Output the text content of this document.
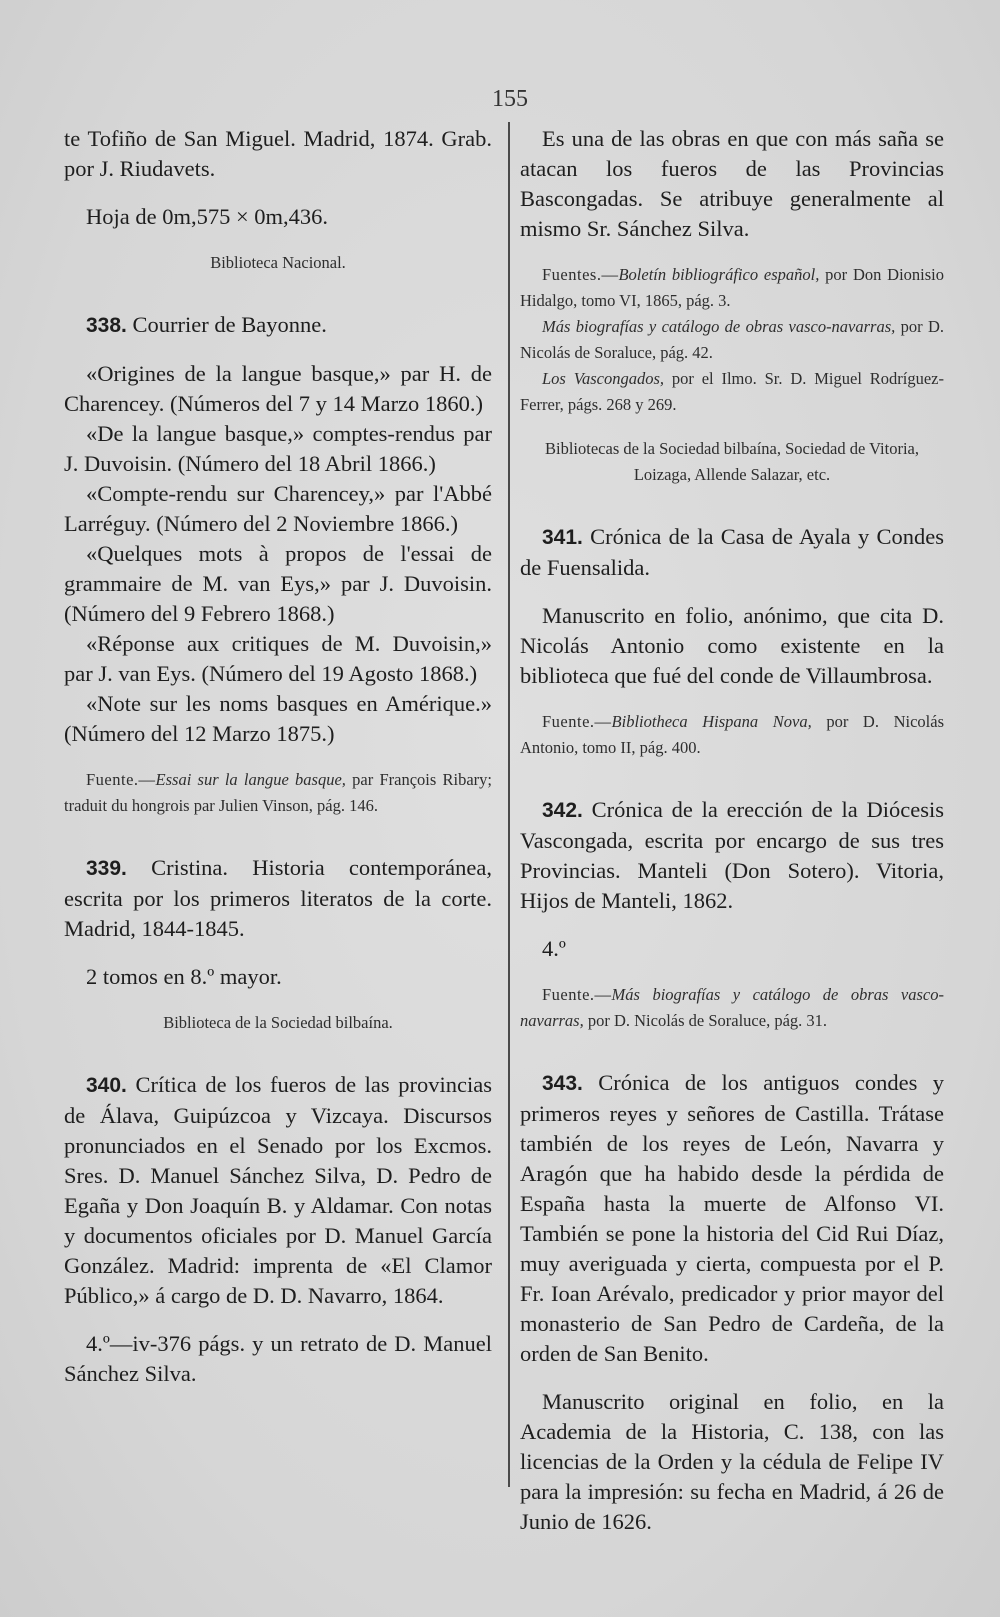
155

te Tofiño de San Miguel. Madrid, 1874. Grab. por J. Riudavets.

Hoja de 0m,575 × 0m,436.

Biblioteca Nacional.

338. Courrier de Bayonne.

«Origines de la langue basque,» par H. de Charencey. (Números del 7 y 14 Marzo 1860.)

«De la langue basque,» comptes-rendus par J. Duvoisin. (Número del 18 Abril 1866.)

«Compte-rendu sur Charencey,» par l'Abbé Larréguy. (Número del 2 Noviembre 1866.)

«Quelques mots à propos de l'essai de grammaire de M. van Eys,» par J. Duvoisin. (Número del 9 Febrero 1868.)

«Réponse aux critiques de M. Duvoisin,» par J. van Eys. (Número del 19 Agosto 1868.)

«Note sur les noms basques en Amérique.» (Número del 12 Marzo 1875.)

Fuente.—Essai sur la langue basque, par François Ribary; traduit du hongrois par Julien Vinson, pág. 146.

339. Cristina. Historia contemporánea, escrita por los primeros literatos de la corte. Madrid, 1844-1845.

2 tomos en 8.º mayor.

Biblioteca de la Sociedad bilbaína.

340. Crítica de los fueros de las provincias de Álava, Guipúzcoa y Vizcaya. Discursos pronunciados en el Senado por los Excmos. Sres. D. Manuel Sánchez Silva, D. Pedro de Egaña y Don Joaquín B. y Aldamar. Con notas y documentos oficiales por D. Manuel García González. Madrid: imprenta de «El Clamor Público,» á cargo de D. D. Navarro, 1864.

4.º—iv-376 págs. y un retrato de D. Manuel Sánchez Silva.

Es una de las obras en que con más saña se atacan los fueros de las Provincias Bascongadas. Se atribuye generalmente al mismo Sr. Sánchez Silva.

Fuentes.—Boletín bibliográfico español, por Don Dionisio Hidalgo, tomo VI, 1865, pág. 3.

Más biografías y catálogo de obras vasco-navarras, por D. Nicolás de Soraluce, pág. 42.

Los Vascongados, por el Ilmo. Sr. D. Miguel Rodríguez-Ferrer, págs. 268 y 269.

Bibliotecas de la Sociedad bilbaína, Sociedad de Vitoria, Loizaga, Allende Salazar, etc.

341. Crónica de la Casa de Ayala y Condes de Fuensalida.

Manuscrito en folio, anónimo, que cita D. Nicolás Antonio como existente en la biblioteca que fué del conde de Villaumbrosa.

Fuente.—Bibliotheca Hispana Nova, por D. Nicolás Antonio, tomo II, pág. 400.

342. Crónica de la erección de la Diócesis Vascongada, escrita por encargo de sus tres Provincias. Manteli (Don Sotero). Vitoria, Hijos de Manteli, 1862.

4.º

Fuente.—Más biografías y catálogo de obras vasco-navarras, por D. Nicolás de Soraluce, pág. 31.

343. Crónica de los antiguos condes y primeros reyes y señores de Castilla. Trátase también de los reyes de León, Navarra y Aragón que ha habido desde la pérdida de España hasta la muerte de Alfonso VI. También se pone la historia del Cid Rui Díaz, muy averiguada y cierta, compuesta por el P. Fr. Ioan Arévalo, predicador y prior mayor del monasterio de San Pedro de Cardeña, de la orden de San Benito.

Manuscrito original en folio, en la Academia de la Historia, C. 138, con las licencias de la Orden y la cédula de Felipe IV para la impresión: su fecha en Madrid, á 26 de Junio de 1626.
